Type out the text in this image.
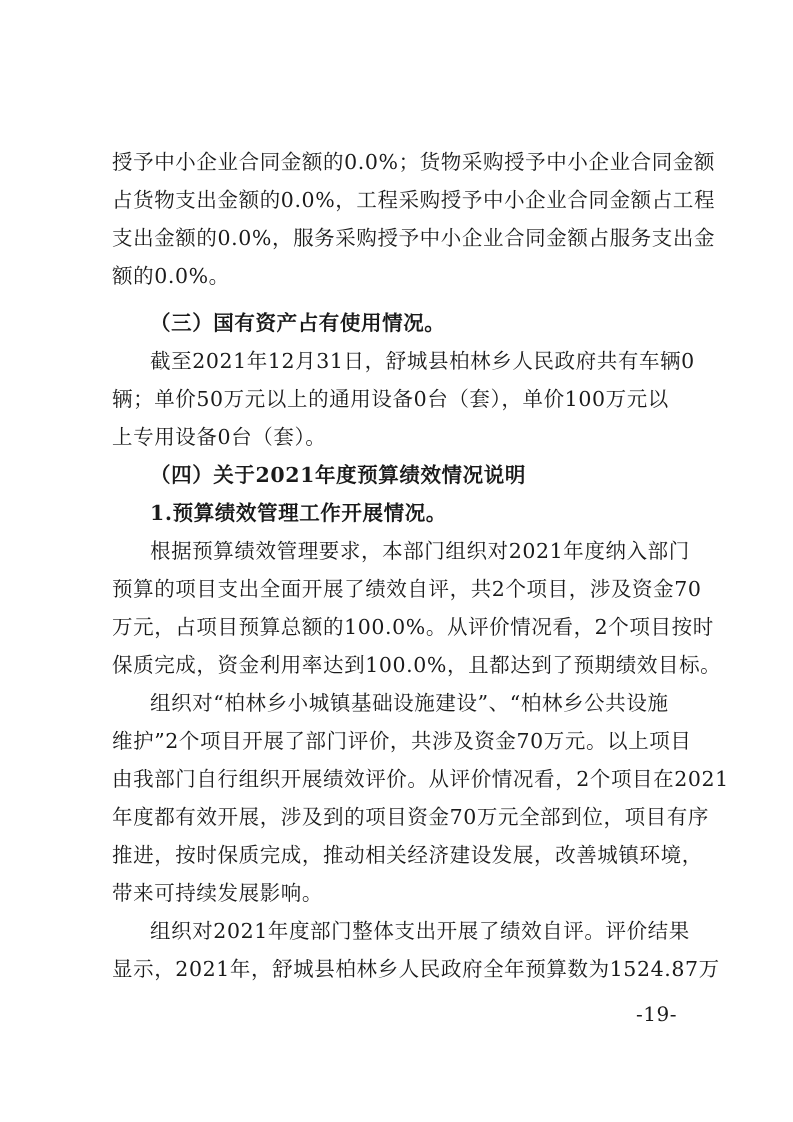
授予中小企业合同金额的0.0%；货物采购授予中小企业合同金额
占货物支出金额的0.0%，工程采购授予中小企业合同金额占工程
支出金额的0.0%，服务采购授予中小企业合同金额占服务支出金
额的0.0%。
（三）国有资产占有使用情况。
截至2021年12月31日，舒城县柏林乡人民政府共有车辆0
辆；单价50万元以上的通用设备0台（套），单价100万元以
上专用设备0台（套）。
（四）关于2021年度预算绩效情况说明
1.预算绩效管理工作开展情况。
根据预算绩效管理要求，本部门组织对2021年度纳入部门
预算的项目支出全面开展了绩效自评，共2个项目，涉及资金70
万元，占项目预算总额的100.0%。从评价情况看，2个项目按时
保质完成，资金利用率达到100.0%，且都达到了预期绩效目标。
组织对“柏林乡小城镇基础设施建设”、“柏林乡公共设施
维护”2个项目开展了部门评价，共涉及资金70万元。以上项目
由我部门自行组织开展绩效评价。从评价情况看，2个项目在2021
年度都有效开展，涉及到的项目资金70万元全部到位，项目有序
推进，按时保质完成，推动相关经济建设发展，改善城镇环境，
带来可持续发展影响。
组织对2021年度部门整体支出开展了绩效自评。评价结果
显示，2021年，舒城县柏林乡人民政府全年预算数为1524.87万
-19-
